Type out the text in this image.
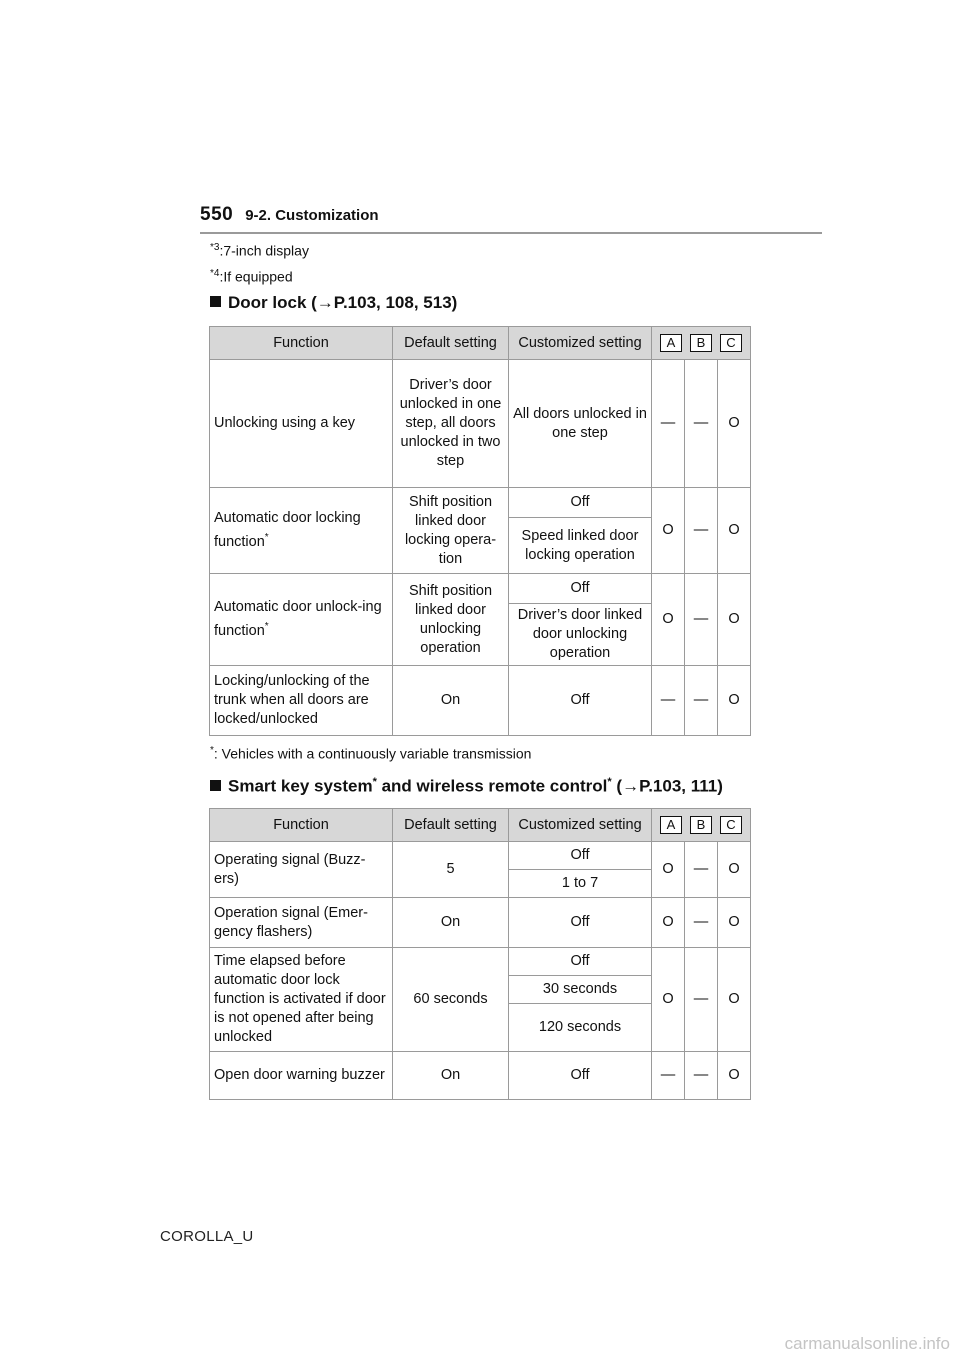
550 9-2. Customization
$^{*3}$:7-inch display
$^{*4}$:If equipped
Door lock (→P.103, 108, 513)
Function	Default setting	Customized setting	A B C		

Unlocking using a key	Driver’s door unlocked in one step, all doors unlocked in two step	All doors unlocked in one step	—	—	O
Automatic door locking function*	Shift position linked door locking opera-tion	Off	O	—	O
		Speed linked door locking operation			
Automatic door unlock-ing function*	Shift position linked door unlocking operation	Off	O	—	O
		Driver’s door linked door unlocking operation			
Locking/unlocking of the trunk when all doors are locked/unlocked	On	Off	—	—	O
*: Vehicles with a continuously variable transmission
Smart key system* and wireless remote control* (→P.103, 111)
Function	Default setting	Customized setting	A B C		

Operating signal (Buzz-ers)	5	Off	O	—	O
		1 to 7			
Operation signal (Emer-gency flashers)	On	Off	O	—	O
Time elapsed before automatic door lock function is activated if door is not opened after being unlocked	60 seconds	Off	O	—	O
		30 seconds			
		120 seconds			
Open door warning buzzer	On	Off	—	—	O
COROLLA_U
carmanualsonline.info
